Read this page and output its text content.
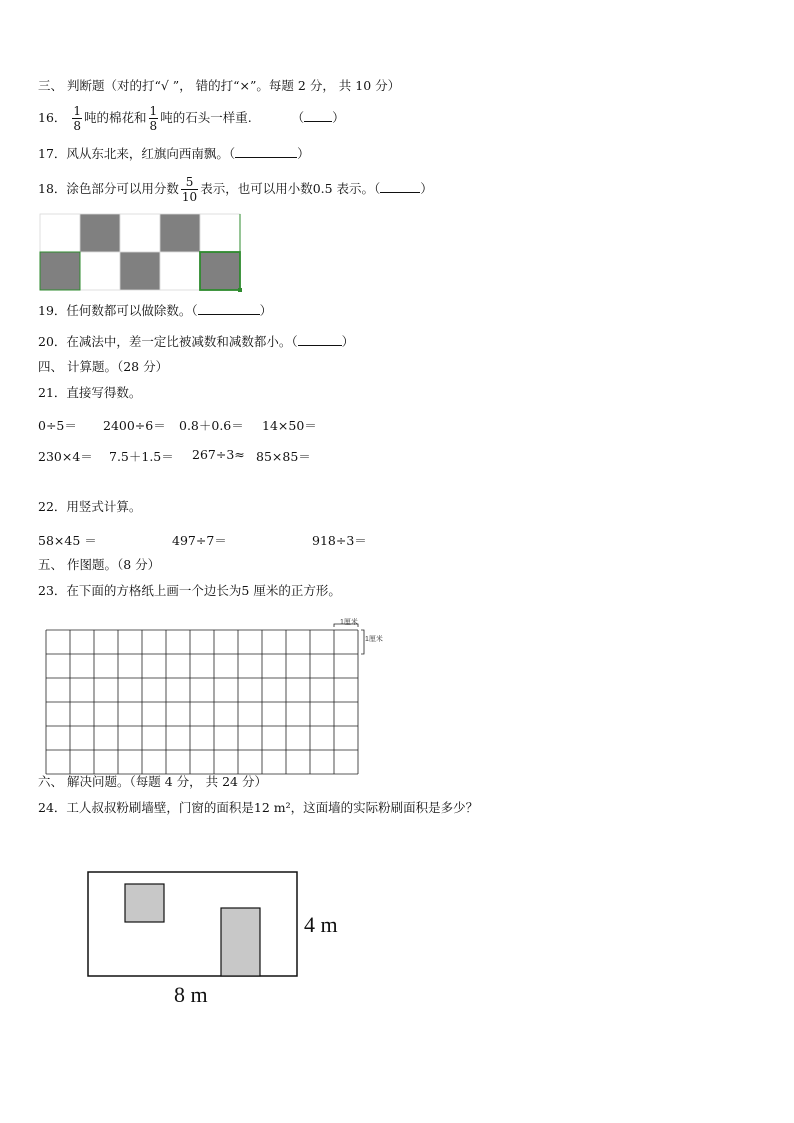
三、 判断题（对的打“√ ”， 错的打“×”。每题 2 分， 共 10 分）
16． $\frac{1}{8}$ 吨的棉花和 $\frac{1}{8}$ 吨的石头一样重.	（ ）
17．风从东北来，红旗向西南飘。（	）
18．涂色部分可以用分数 $\frac{5}{10}$ 表示，也可以用小数0.5 表示。（	）
19．任何数都可以做除数。（	）
20．在减法中，差一定比被减数和减数都小。（	）
四、 计算题。（28 分）
21．直接写得数。
0÷5＝ 2400÷6＝ 0.8＋0.6＝ 14×50＝
230×4＝ 7.5＋1.5＝ 267÷3≈ 85×85＝
22．用竖式计算。
58×45 ＝	497÷7＝	918÷3＝
五、 作图题。（8 分）
23．在下面的方格纸上画一个边长为5 厘米的正方形。
1厘米
1厘米
六、 解决问题。（每题 4 分， 共 24 分）
24．工人叔叔粉刷墙壁，门窗的面积是12 m²，这面墙的实际粉刷面积是多少？
4 m
8 m
